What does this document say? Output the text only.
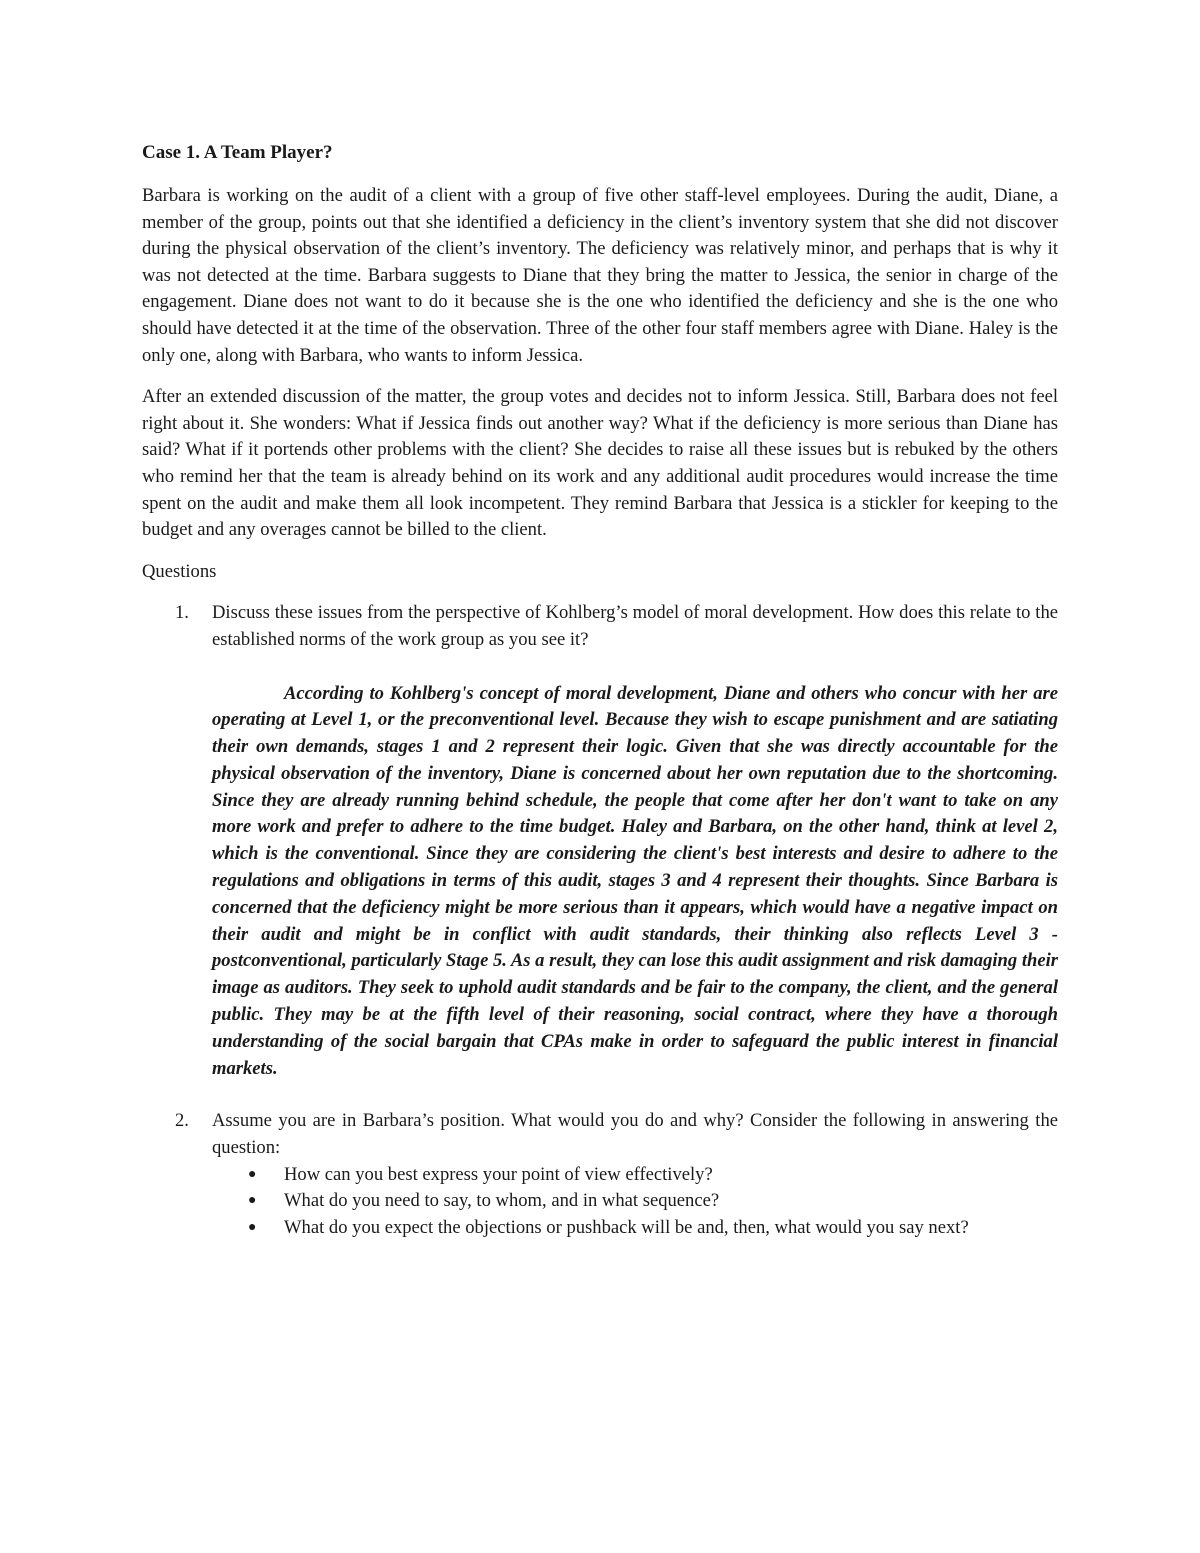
Case 1. A Team Player?

Barbara is working on the audit of a client with a group of five other staff-level employees. During the audit, Diane, a member of the group, points out that she identified a deficiency in the client’s inventory system that she did not discover during the physical observation of the client’s inventory. The deficiency was relatively minor, and perhaps that is why it was not detected at the time. Barbara suggests to Diane that they bring the matter to Jessica, the senior in charge of the engagement. Diane does not want to do it because she is the one who identified the deficiency and she is the one who should have detected it at the time of the observation. Three of the other four staff members agree with Diane. Haley is the only one, along with Barbara, who wants to inform Jessica.

After an extended discussion of the matter, the group votes and decides not to inform Jessica. Still, Barbara does not feel right about it. She wonders: What if Jessica finds out another way? What if the deficiency is more serious than Diane has said? What if it portends other problems with the client? She decides to raise all these issues but is rebuked by the others who remind her that the team is already behind on its work and any additional audit procedures would increase the time spent on the audit and make them all look incompetent. They remind Barbara that Jessica is a stickler for keeping to the budget and any overages cannot be billed to the client.

Questions
1. Discuss these issues from the perspective of Kohlberg’s model of moral development. How does this relate to the established norms of the work group as you see it?
According to Kohlberg's concept of moral development, Diane and others who concur with her are operating at Level 1, or the preconventional level. Because they wish to escape punishment and are satiating their own demands, stages 1 and 2 represent their logic. Given that she was directly accountable for the physical observation of the inventory, Diane is concerned about her own reputation due to the shortcoming. Since they are already running behind schedule, the people that come after her don't want to take on any more work and prefer to adhere to the time budget. Haley and Barbara, on the other hand, think at level 2, which is the conventional. Since they are considering the client's best interests and desire to adhere to the regulations and obligations in terms of this audit, stages 3 and 4 represent their thoughts. Since Barbara is concerned that the deficiency might be more serious than it appears, which would have a negative impact on their audit and might be in conflict with audit standards, their thinking also reflects Level 3 - postconventional, particularly Stage 5. As a result, they can lose this audit assignment and risk damaging their image as auditors. They seek to uphold audit standards and be fair to the company, the client, and the general public. They may be at the fifth level of their reasoning, social contract, where they have a thorough understanding of the social bargain that CPAs make in order to safeguard the public interest in financial markets.
2. Assume you are in Barbara’s position. What would you do and why? Consider the following in answering the question:
● How can you best express your point of view effectively?
● What do you need to say, to whom, and in what sequence?
● What do you expect the objections or pushback will be and, then, what would you say next?
